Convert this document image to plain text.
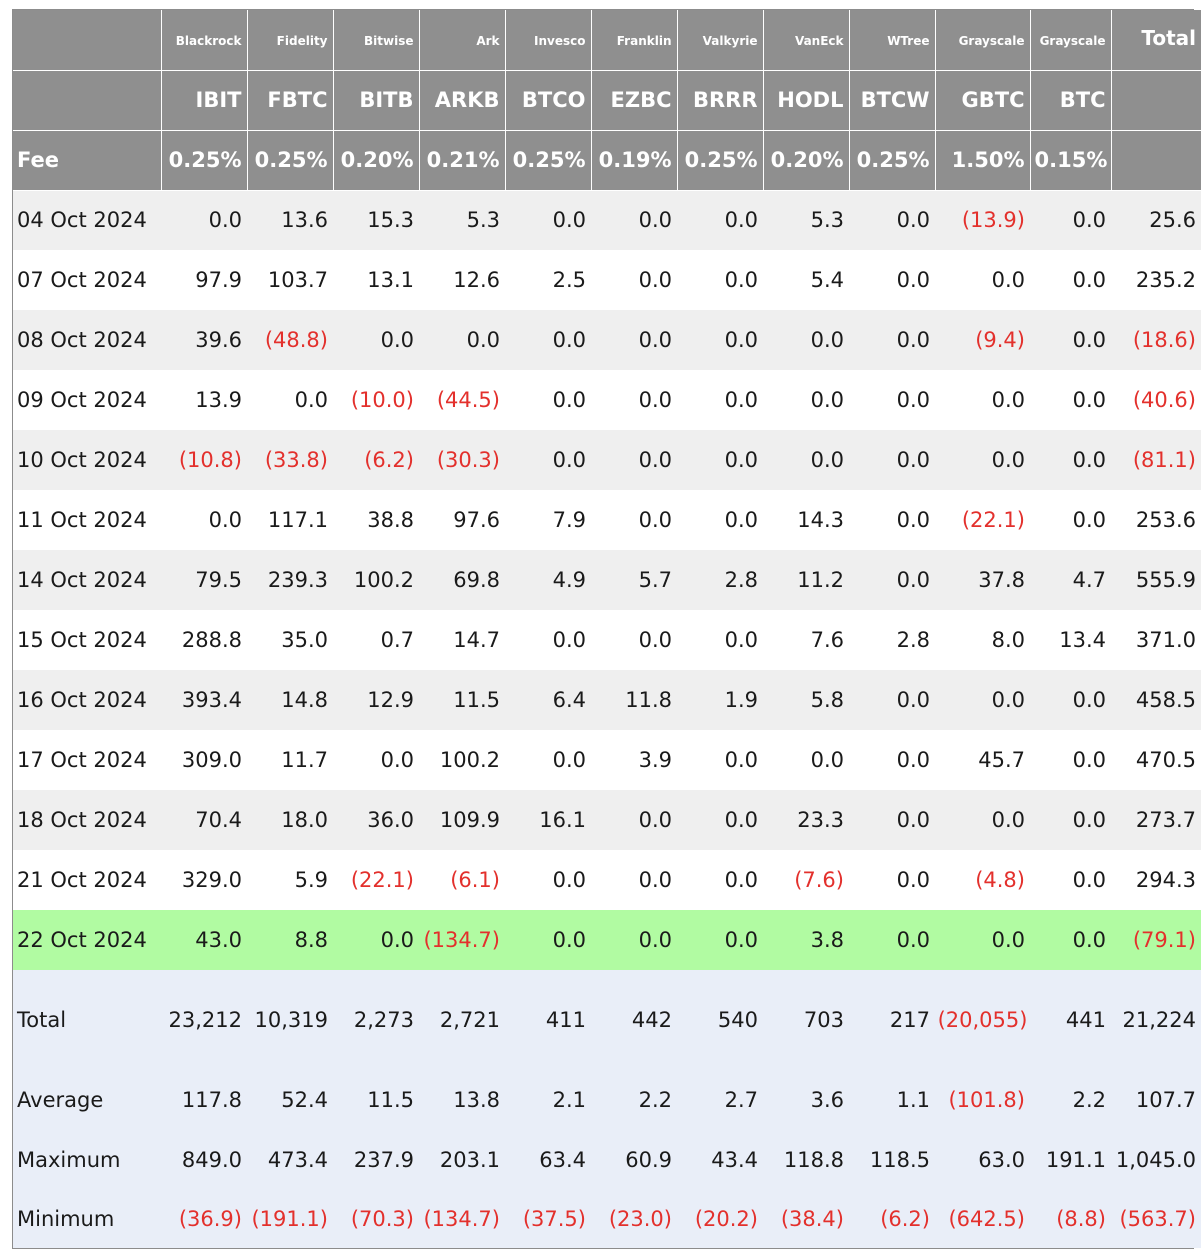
	Blackrock	Fidelity	Bitwise	Ark	Invesco	Franklin	Valkyrie	VanEck	WTree	Grayscale	Grayscale	Total
	IBIT	FBTC	BITB	ARKB	BTCO	EZBC	BRRR	HODL	BTCW	GBTC	BTC	
Fee	0.25%	0.25%	0.20%	0.21%	0.25%	0.19%	0.25%	0.20%	0.25%	1.50%	0.15%	
04 Oct 2024	0.0	13.6	15.3	5.3	0.0	0.0	0.0	5.3	0.0	(13.9)	0.0	25.6
07 Oct 2024	97.9	103.7	13.1	12.6	2.5	0.0	0.0	5.4	0.0	0.0	0.0	235.2
08 Oct 2024	39.6	(48.8)	0.0	0.0	0.0	0.0	0.0	0.0	0.0	(9.4)	0.0	(18.6)
09 Oct 2024	13.9	0.0	(10.0)	(44.5)	0.0	0.0	0.0	0.0	0.0	0.0	0.0	(40.6)
10 Oct 2024	(10.8)	(33.8)	(6.2)	(30.3)	0.0	0.0	0.0	0.0	0.0	0.0	0.0	(81.1)
11 Oct 2024	0.0	117.1	38.8	97.6	7.9	0.0	0.0	14.3	0.0	(22.1)	0.0	253.6
14 Oct 2024	79.5	239.3	100.2	69.8	4.9	5.7	2.8	11.2	0.0	37.8	4.7	555.9
15 Oct 2024	288.8	35.0	0.7	14.7	0.0	0.0	0.0	7.6	2.8	8.0	13.4	371.0
16 Oct 2024	393.4	14.8	12.9	11.5	6.4	11.8	1.9	5.8	0.0	0.0	0.0	458.5
17 Oct 2024	309.0	11.7	0.0	100.2	0.0	3.9	0.0	0.0	0.0	45.7	0.0	470.5
18 Oct 2024	70.4	18.0	36.0	109.9	16.1	0.0	0.0	23.3	0.0	0.0	0.0	273.7
21 Oct 2024	329.0	5.9	(22.1)	(6.1)	0.0	0.0	0.0	(7.6)	0.0	(4.8)	0.0	294.3
22 Oct 2024	43.0	8.8	0.0	(134.7)	0.0	0.0	0.0	3.8	0.0	0.0	0.0	(79.1)
Total	23,212	10,319	2,273	2,721	411	442	540	703	217	(20,055)	441	21,224
Average	117.8	52.4	11.5	13.8	2.1	2.2	2.7	3.6	1.1	(101.8)	2.2	107.7
Maximum	849.0	473.4	237.9	203.1	63.4	60.9	43.4	118.8	118.5	63.0	191.1	1,045.0
Minimum	(36.9)	(191.1)	(70.3)	(134.7)	(37.5)	(23.0)	(20.2)	(38.4)	(6.2)	(642.5)	(8.8)	(563.7)
